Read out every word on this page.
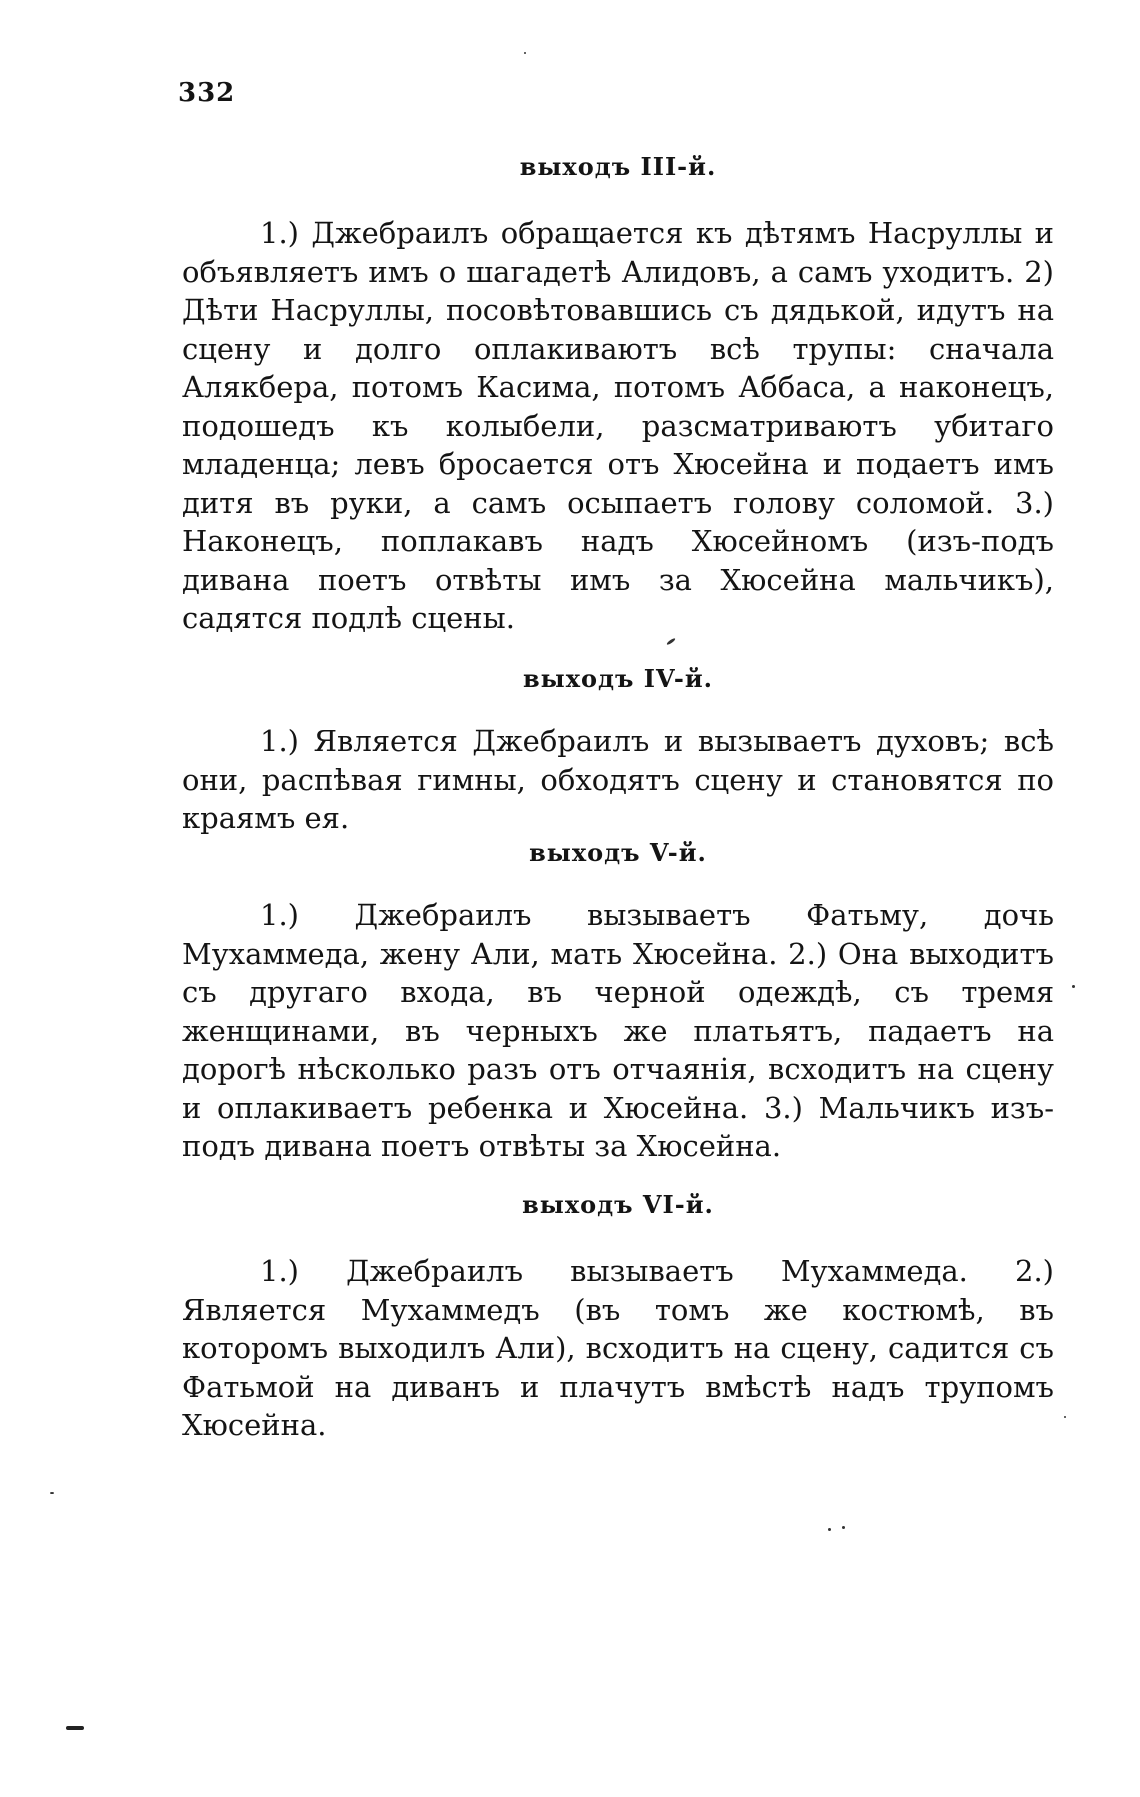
332
выходъ III-й.

1.) Джебраилъ обращается къ дѣтямъ Насруллы и объявляетъ имъ о шагадетѣ Алидовъ, а самъ уходитъ. 2) Дѣти Насруллы, посовѣтовавшись съ дядькой, идутъ на сцену и долго оплакиваютъ всѣ трупы: сначала Алякбера, потомъ Касима, потомъ Аббаса, а наконецъ, подошедъ къ колыбели, разсматриваютъ убитаго младенца; левъ бросается отъ Хюсейна и подаетъ имъ дитя въ руки, а самъ осыпаетъ голову соломой. 3.) Наконецъ, поплакавъ надъ Хюсейномъ (изъ-подъ дивана поетъ отвѣты имъ за Хюсейна мальчикъ), садятся подлѣ сцены.

выходъ IV-й.

1.) Является Джебраилъ и вызываетъ духовъ; всѣ они, распѣвая гимны, обходятъ сцену и становятся по краямъ ея.

выходъ V-й.

1.) Джебраилъ вызываетъ Фатьму, дочь Мухаммеда, жену Али, мать Хюсейна. 2.) Она выходитъ съ другаго входа, въ черной одеждѣ, съ тремя женщинами, въ черныхъ же платьятъ, падаетъ на дорогѣ нѣсколько разъ отъ отчаянія, всходитъ на сцену и оплакиваетъ ребенка и Хюсейна. 3.) Мальчикъ изъ-подъ дивана поетъ отвѣты за Хюсейна.

выходъ VI-й.

1.) Джебраилъ вызываетъ Мухаммеда. 2.) Является Мухаммедъ (въ томъ же костюмѣ, въ которомъ выходилъ Али), всходитъ на сцену, садится съ Фатьмой на диванъ и плачутъ вмѣстѣ надъ трупомъ Хюсейна.
